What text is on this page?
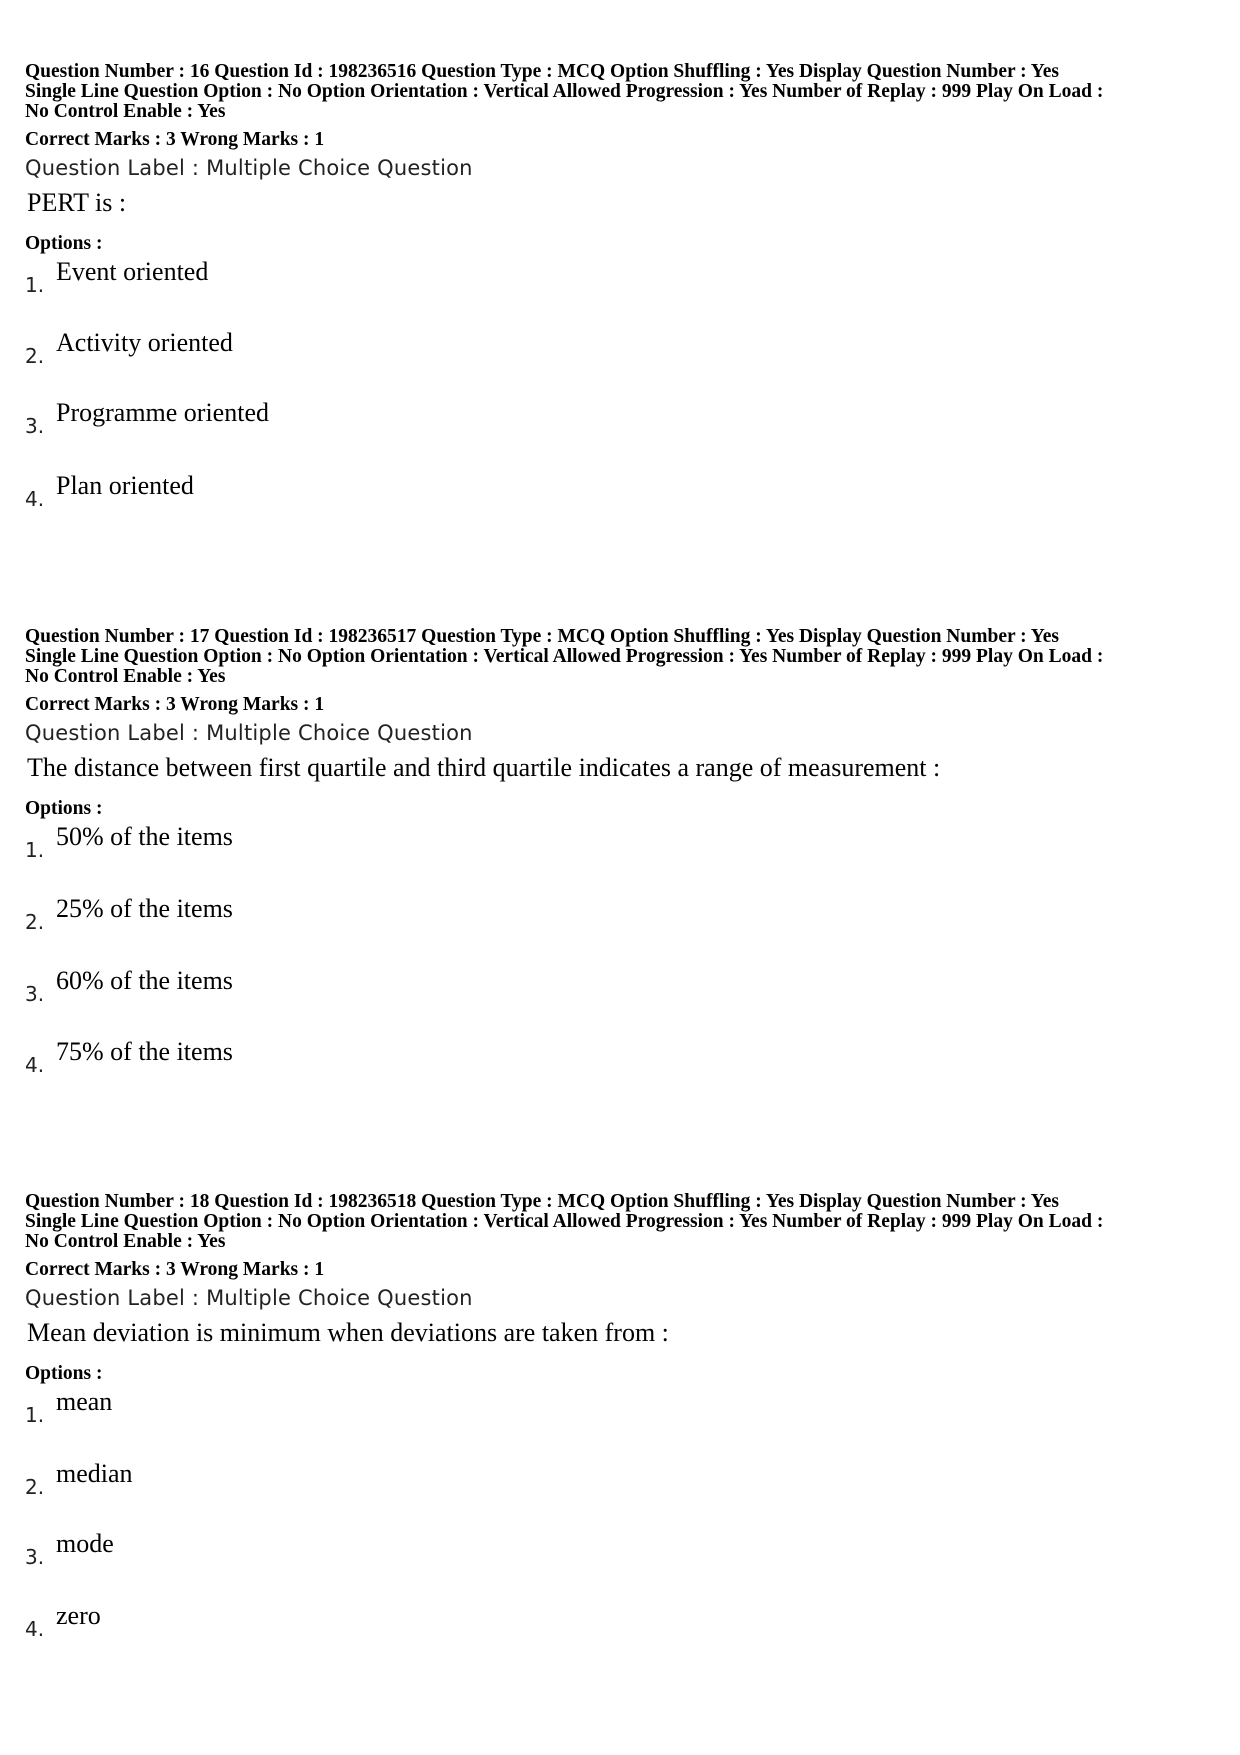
Question Number : 16 Question Id : 198236516 Question Type : MCQ Option Shuffling : Yes Display Question Number : Yes
Single Line Question Option : No Option Orientation : Vertical Allowed Progression : Yes Number of Replay : 999 Play On Load :
No Control Enable : Yes
Correct Marks : 3 Wrong Marks : 1
Question Label : Multiple Choice Question
PERT is :
Options :
1. Event oriented
2. Activity oriented
3. Programme oriented
4. Plan oriented
Question Number : 17 Question Id : 198236517 Question Type : MCQ Option Shuffling : Yes Display Question Number : Yes
Single Line Question Option : No Option Orientation : Vertical Allowed Progression : Yes Number of Replay : 999 Play On Load :
No Control Enable : Yes
Correct Marks : 3 Wrong Marks : 1
Question Label : Multiple Choice Question
The distance between first quartile and third quartile indicates a range of measurement :
Options :
1. 50% of the items
2. 25% of the items
3. 60% of the items
4. 75% of the items
Question Number : 18 Question Id : 198236518 Question Type : MCQ Option Shuffling : Yes Display Question Number : Yes
Single Line Question Option : No Option Orientation : Vertical Allowed Progression : Yes Number of Replay : 999 Play On Load :
No Control Enable : Yes
Correct Marks : 3 Wrong Marks : 1
Question Label : Multiple Choice Question
Mean deviation is minimum when deviations are taken from :
Options :
1. mean
2. median
3. mode
4. zero
